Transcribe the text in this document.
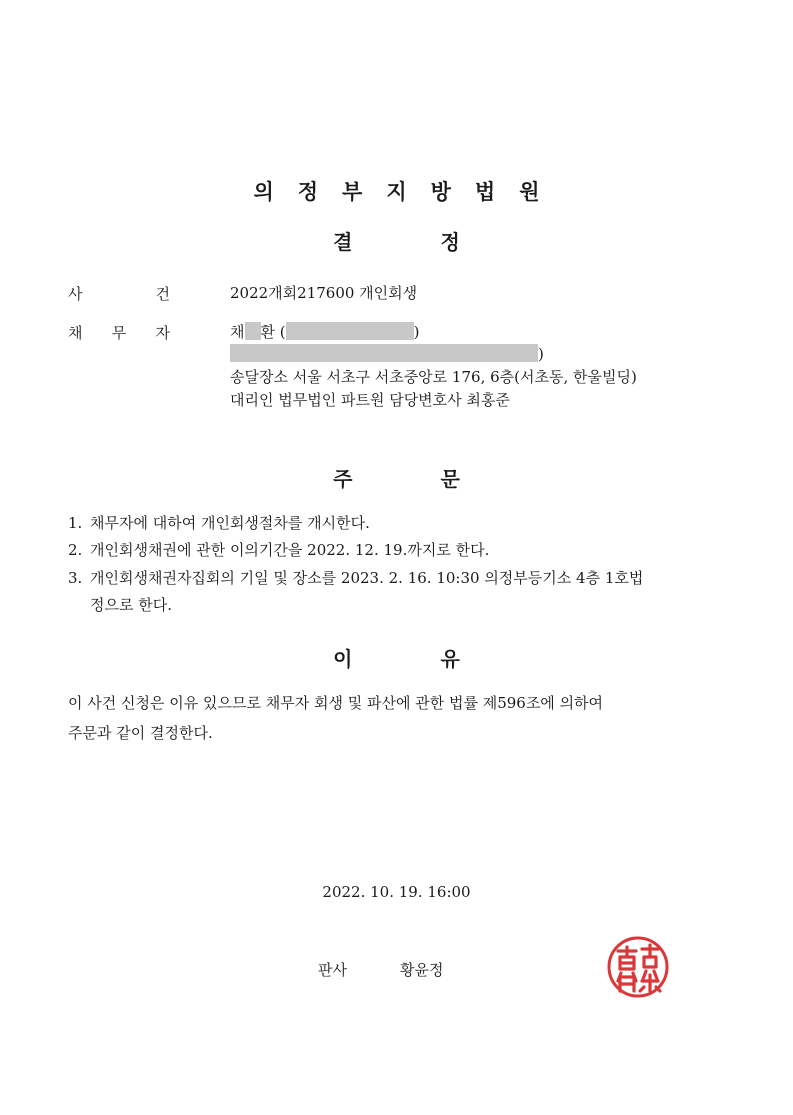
의정부지방법원
결	정
사	건	2022개회217600 개인회생
채 무 자	채 환 (	)
)
송달장소 서울 서초구 서초중앙로 176, 6층(서초동, 한울빌딩)
대리인 법무법인 파트원 담당변호사 최홍준
주	문
1. 채무자에 대하여 개인회생절차를 개시한다.
2. 개인회생채권에 관한 이의기간을 2022. 12. 19.까지로 한다.
3. 개인회생채권자집회의 기일 및 장소를 2023. 2. 16. 10:30 의정부등기소 4층 1호법
정으로 한다.
이	유
이 사건 신청은 이유 있으므로 채무자 회생 및 파산에 관한 법률 제596조에 의하여
주문과 같이 결정한다.
2022. 10. 19. 16:00
판사	황윤정
